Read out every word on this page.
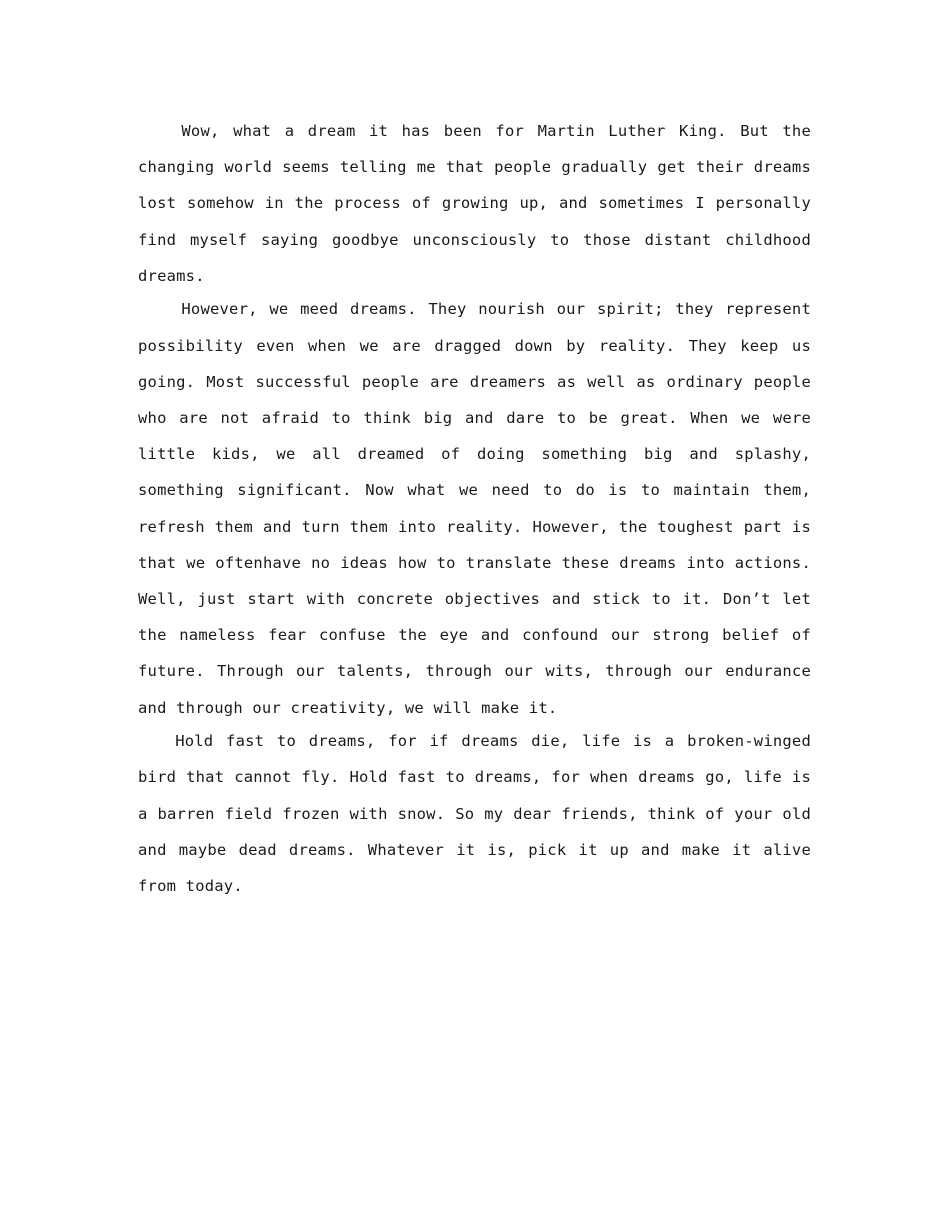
Wow, what a dream it has been for Martin Luther King. But the changing world seems telling me that people gradually get their dreams lost somehow in the process of growing up, and sometimes I personally find myself saying goodbye unconsciously to those distant childhood dreams.

However, we meed dreams. They nourish our spirit; they represent possibility even when we are dragged down by reality. They keep us going. Most successful people are dreamers as well as ordinary people who are not afraid to think big and dare to be great. When we were little kids, we all dreamed of doing something big and splashy, something significant. Now what we need to do is to maintain them, refresh them and turn them into reality. However, the toughest part is that we oftenhave no ideas how to translate these dreams into actions. Well, just start with concrete objectives and stick to it. Don’t let the nameless fear confuse the eye and confound our strong belief of future. Through our talents, through our wits, through our endurance and through our creativity, we will make it.

Hold fast to dreams, for if dreams die, life is a broken-winged bird that cannot fly. Hold fast to dreams, for when dreams go, life is a barren field frozen with snow. So my dear friends, think of your old and maybe dead dreams. Whatever it is, pick it up and make it alive from today.
